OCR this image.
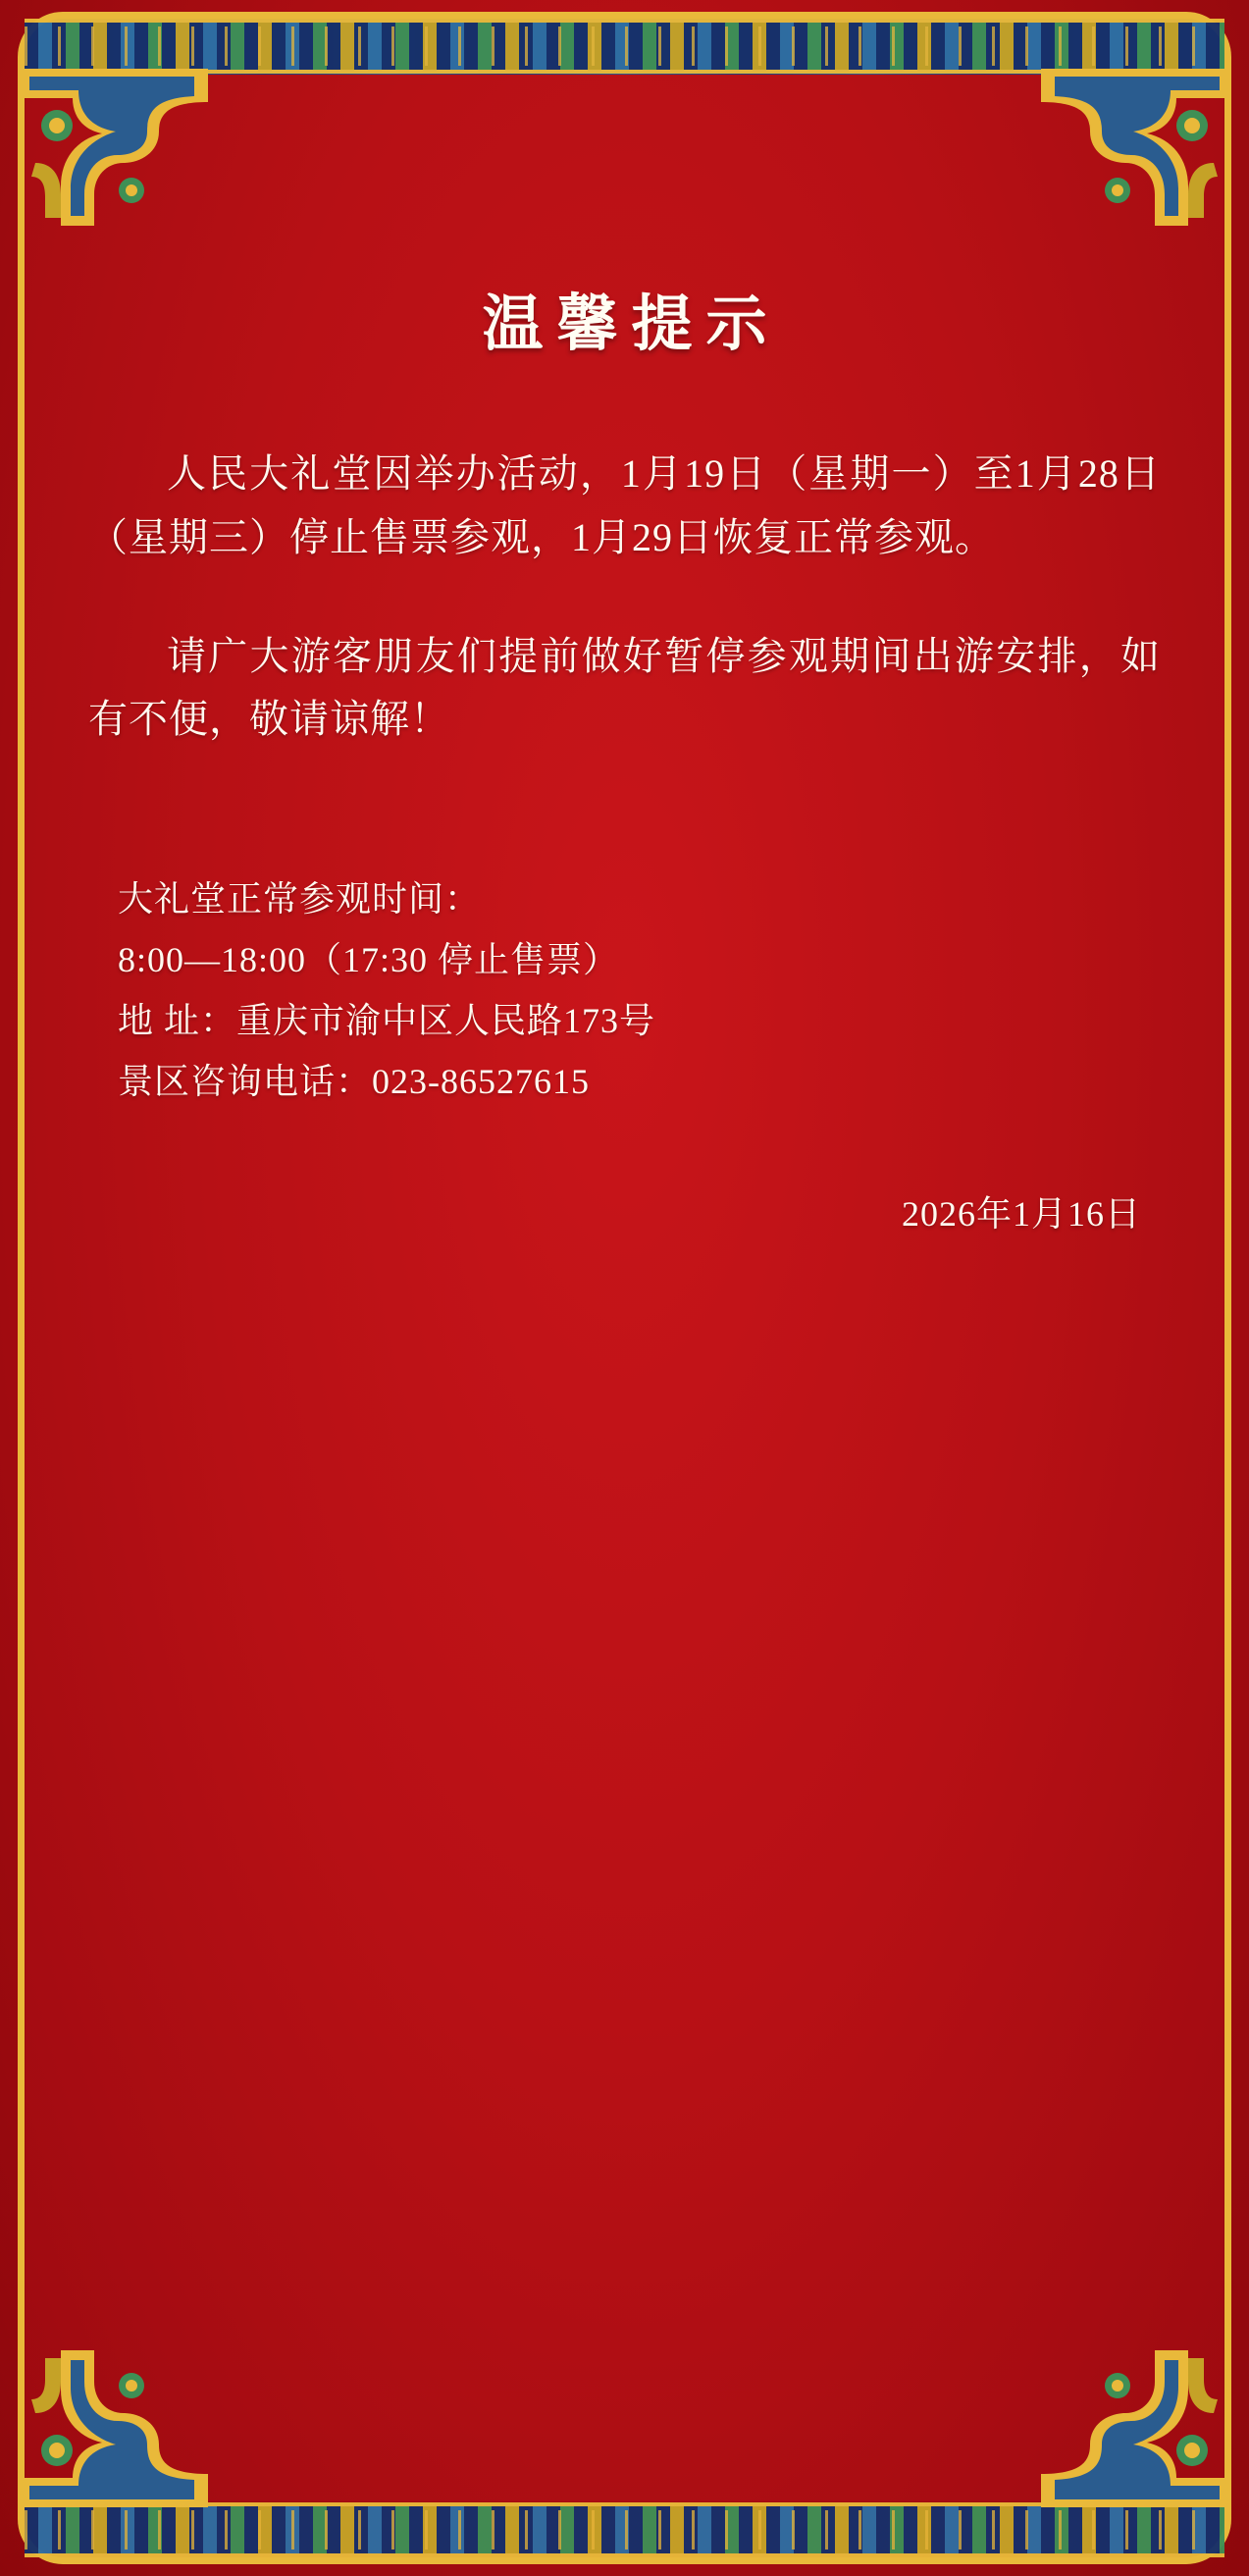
温馨提示
人民大礼堂因举办活动，1月19日（星期一）至1月28日（星期三）停止售票参观，1月29日恢复正常参观。
请广大游客朋友们提前做好暂停参观期间出游安排，如有不便，敬请谅解！
大礼堂正常参观时间：
8:00—18:00（17:30 停止售票）
地 址：重庆市渝中区人民路173号
景区咨询电话：023-86527615
2026年1月16日
